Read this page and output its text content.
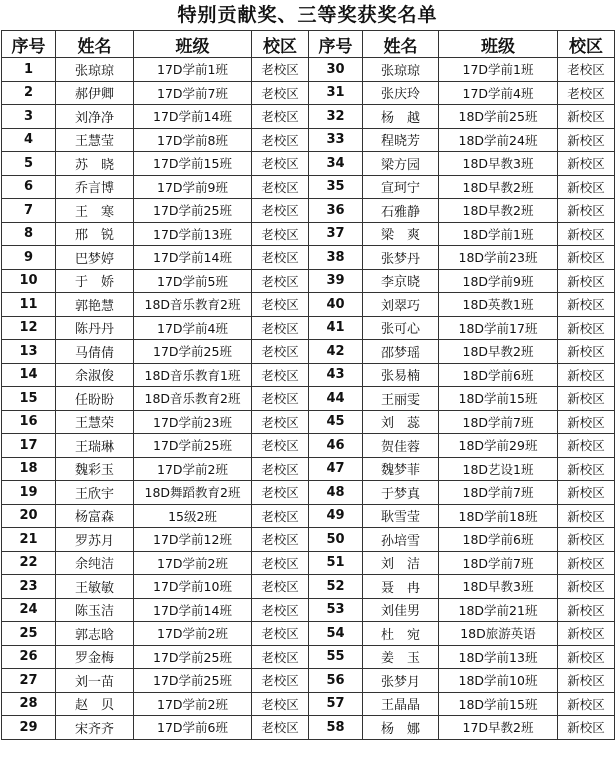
特别贡献奖、三等奖获奖名单
序号	姓名	班级	校区	序号	姓名	班级	校区
1	张琼琼	17D学前1班	老校区	30	张琼琼	17D学前1班	老校区
2	郝伊卿	17D学前7班	老校区	31	张庆玲	17D学前4班	老校区
3	刘净净	17D学前14班	老校区	32	杨　越	18D学前25班	新校区
4	王慧莹	17D学前8班	老校区	33	程晓芳	18D学前24班	新校区
5	苏　晓	17D学前15班	老校区	34	梁方园	18D早教3班	新校区
6	乔言博	17D学前9班	老校区	35	宣珂宁	18D早教2班	新校区
7	王　寒	17D学前25班	老校区	36	石雅静	18D早教2班	新校区
8	邢　锐	17D学前13班	老校区	37	梁　爽	18D学前1班	新校区
9	巴梦婷	17D学前14班	老校区	38	张梦丹	18D学前23班	新校区
10	于　娇	17D学前5班	老校区	39	李京晓	18D学前9班	新校区
11	郭艳慧	18D音乐教育2班	老校区	40	刘翠巧	18D英教1班	新校区
12	陈丹丹	17D学前4班	老校区	41	张可心	18D学前17班	新校区
13	马倩倩	17D学前25班	老校区	42	邵梦瑶	18D早教2班	新校区
14	余淑俊	18D音乐教育1班	老校区	43	张易楠	18D学前6班	新校区
15	任盼盼	18D音乐教育2班	老校区	44	王丽雯	18D学前15班	新校区
16	王慧荣	17D学前23班	老校区	45	刘　蕊	18D学前7班	新校区
17	王瑞琳	17D学前25班	老校区	46	贺佳蓉	18D学前29班	新校区
18	魏彩玉	17D学前2班	老校区	47	魏梦菲	18D艺设1班	新校区
19	王欣宇	18D舞蹈教育2班	老校区	48	于梦真	18D学前7班	新校区
20	杨富森	15级2班	老校区	49	耿雪莹	18D学前18班	新校区
21	罗苏月	17D学前12班	老校区	50	孙培雪	18D学前6班	新校区
22	余纯洁	17D学前2班	老校区	51	刘　洁	18D学前7班	新校区
23	王敏敏	17D学前10班	老校区	52	聂　冉	18D早教3班	新校区
24	陈玉洁	17D学前14班	老校区	53	刘佳男	18D学前21班	新校区
25	郭志晗	17D学前2班	老校区	54	杜　宛	18D旅游英语	新校区
26	罗金梅	17D学前25班	老校区	55	姜　玉	18D学前13班	新校区
27	刘一苗	17D学前25班	老校区	56	张梦月	18D学前10班	新校区
28	赵　贝	17D学前2班	老校区	57	王晶晶	18D学前15班	新校区
29	宋齐齐	17D学前6班	老校区	58	杨　娜	17D早教2班	新校区
